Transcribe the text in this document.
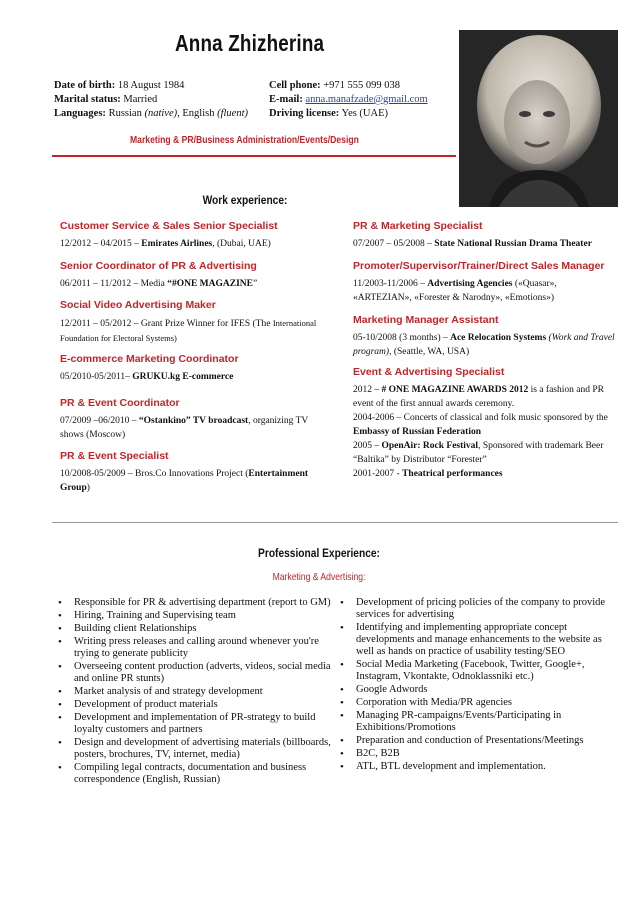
Anna Zhizherina
Date of birth: 18 August 1984
Marital status: Married
Languages: Russian (native), English (fluent)
Cell phone: +971 555 099 038
E-mail: anna.manafzade@gmail.com
Driving license: Yes (UAE)
Marketing & PR/Business Administration/Events/Design
Work experience:
Customer Service & Sales Senior Specialist
12/2012 – 04/2015 – Emirates Airlines, (Dubai, UAE)
Senior Coordinator of PR & Advertising
06/2011 – 11/2012 – Media “#ONE MAGAZINE”
Social Video Advertising Maker
12/2011 – 05/2012 – Grant Prize Winner for IFES (The International Foundation for Electoral Systems)
E-commerce Marketing Coordinator
05/2010-05/2011– GRUKU.kg E-commerce
PR & Event Coordinator
07/2009 –06/2010 – “Ostankino” TV broadcast, organizing TV shows (Moscow)
PR & Event Specialist
10/2008-05/2009 – Bros.Co Innovations Project (Entertainment Group)
PR & Marketing Specialist
07/2007 – 05/2008 – State National Russian Drama Theater
Promoter/Supervisor/Trainer/Direct Sales Manager
11/2003-11/2006 – Advertising Agencies («Quasar», «ARTEZIAN», «Forester & Narodny», «Emotions»)
Marketing Manager Assistant
05-10/2008 (3 months) – Ace Relocation Systems (Work and Travel program), (Seattle, WA, USA)
Event & Advertising Specialist
2012 – # ONE MAGAZINE AWARDS 2012 is a fashion and PR event of the first annual awards ceremony.
2004-2006 – Concerts of classical and folk music sponsored by the Embassy of Russian Federation
2005 – OpenAir: Rock Festival, Sponsored with trademark Beer “Baltika” by Distributor “Forester”
2001-2007 - Theatrical performances
Professional Experience:
Marketing & Advertising:
• Responsible for PR & advertising department (report to GM)
• Hiring, Training and Supervising team
• Building client Relationships
• Writing press releases and calling around whenever you're trying to generate publicity
• Overseeing content production (adverts, videos, social media and online PR stunts)
• Market analysis of and strategy development
• Development of product materials
• Development and implementation of PR-strategy to build loyalty customers and partners
• Design and development of advertising materials (billboards, posters, brochures, TV, internet, media)
• Compiling legal contracts, documentation and business correspondence (English, Russian)
• Development of pricing policies of the company to provide services for advertising
• Identifying and implementing appropriate concept developments and manage enhancements to the website as well as hands on practice of usability testing/SEO
• Social Media Marketing (Facebook, Twitter, Google+, Instagram, Vkontakte, Odnoklassniki etc.)
• Google Adwords
• Corporation with Media/PR agencies
• Managing PR-campaigns/Events/Participating in Exhibitions/Promotions
• Preparation and conduction of Presentations/Meetings
• B2C, B2B
• ATL, BTL development and implementation.
